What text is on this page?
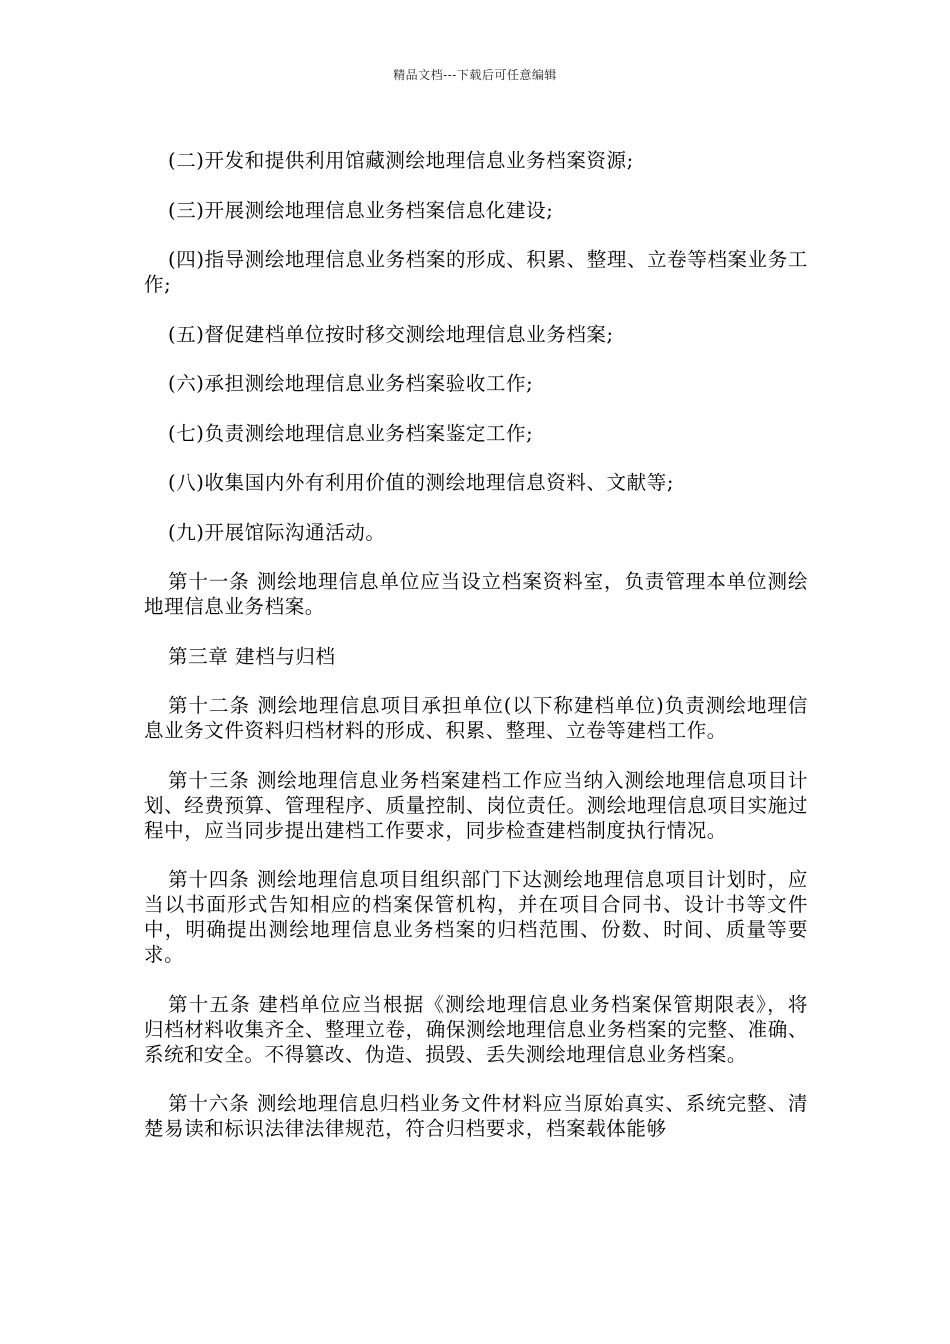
精品文档---下载后可任意编辑

(二)开发和提供利用馆藏测绘地理信息业务档案资源;

(三)开展测绘地理信息业务档案信息化建设;

(四)指导测绘地理信息业务档案的形成、积累、整理、立卷等档案业务工作;

(五)督促建档单位按时移交测绘地理信息业务档案;

(六)承担测绘地理信息业务档案验收工作;

(七)负责测绘地理信息业务档案鉴定工作;

(八)收集国内外有利用价值的测绘地理信息资料、文献等;

(九)开展馆际沟通活动。

第十一条 测绘地理信息单位应当设立档案资料室，负责管理本单位测绘地理信息业务档案。

第三章 建档与归档

第十二条 测绘地理信息项目承担单位(以下称建档单位)负责测绘地理信息业务文件资料归档材料的形成、积累、整理、立卷等建档工作。

第十三条 测绘地理信息业务档案建档工作应当纳入测绘地理信息项目计划、经费预算、管理程序、质量控制、岗位责任。测绘地理信息项目实施过程中，应当同步提出建档工作要求，同步检查建档制度执行情况。

第十四条 测绘地理信息项目组织部门下达测绘地理信息项目计划时，应当以书面形式告知相应的档案保管机构，并在项目合同书、设计书等文件中，明确提出测绘地理信息业务档案的归档范围、份数、时间、质量等要求。

第十五条 建档单位应当根据《测绘地理信息业务档案保管期限表》，将归档材料收集齐全、整理立卷，确保测绘地理信息业务档案的完整、准确、系统和安全。不得篡改、伪造、损毁、丢失测绘地理信息业务档案。

第十六条 测绘地理信息归档业务文件材料应当原始真实、系统完整、清楚易读和标识法律法律规范，符合归档要求，档案载体能够
